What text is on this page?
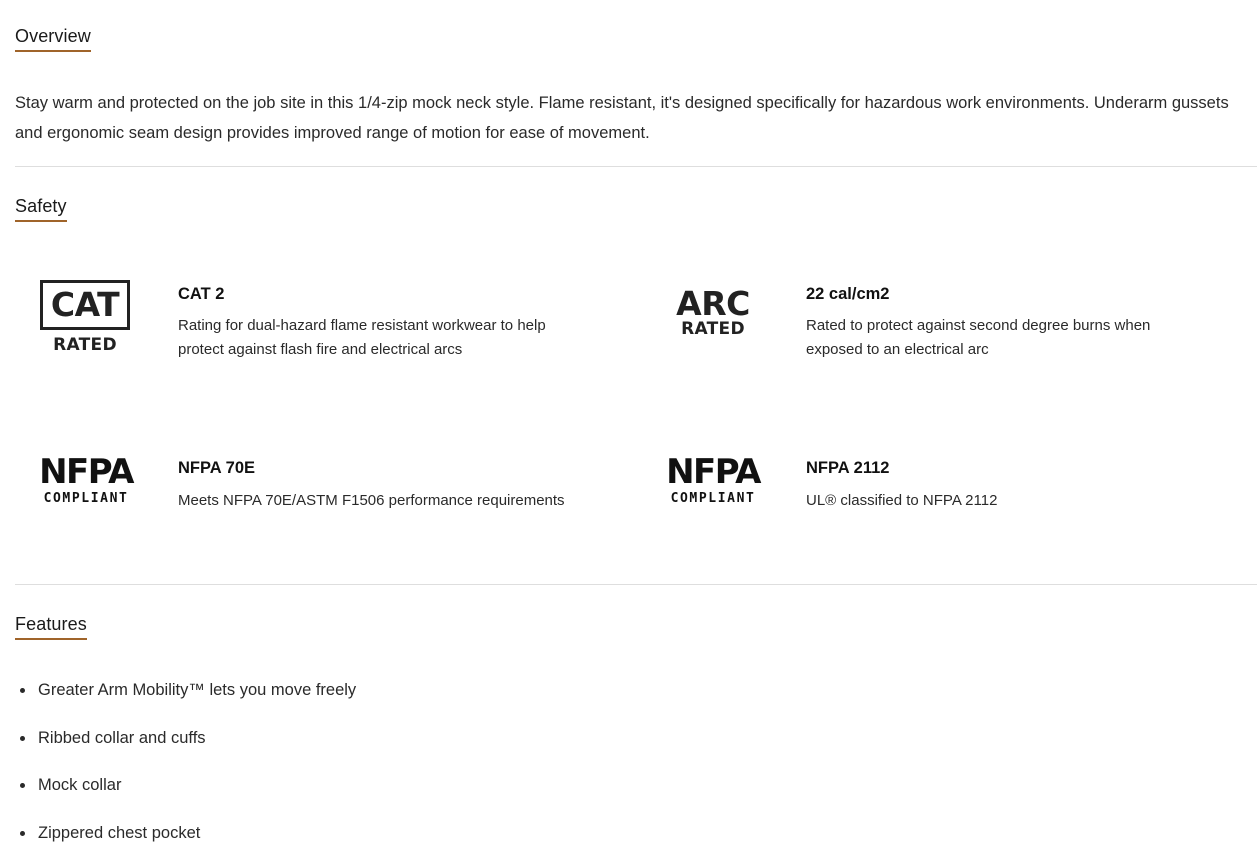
Overview
Stay warm and protected on the job site in this 1/4-zip mock neck style. Flame resistant, it's designed specifically for hazardous work environments. Underarm gussets and ergonomic seam design provides improved range of motion for ease of movement.
Safety
CAT
RATED
CAT 2
Rating for dual-hazard flame resistant workwear to help protect against flash fire and electrical arcs
ARC
RATED
22 cal/cm2
Rated to protect against second degree burns when exposed to an electrical arc
NFPA
COMPLIANT
NFPA 70E
Meets NFPA 70E/ASTM F1506 performance requirements
NFPA
COMPLIANT
NFPA 2112
UL® classified to NFPA 2112
Features
Greater Arm Mobility™ lets you move freely
Ribbed collar and cuffs
Mock collar
Zippered chest pocket
